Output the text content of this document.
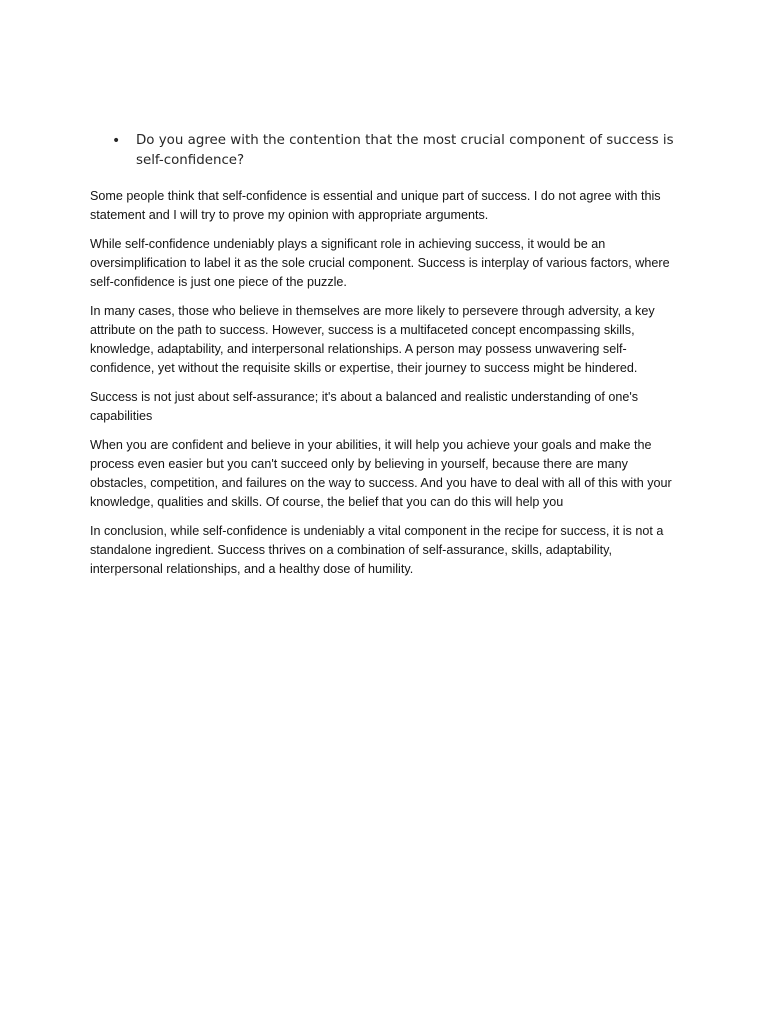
• Do you agree with the contention that the most crucial component of success is self-confidence?

Some people think that self-confidence is essential and unique part of success. I do not agree with this statement and I will try to prove my opinion with appropriate arguments.

While self-confidence undeniably plays a significant role in achieving success, it would be an oversimplification to label it as the sole crucial component. Success is interplay of various factors, where self-confidence is just one piece of the puzzle.

In many cases, those who believe in themselves are more likely to persevere through adversity, a key attribute on the path to success. However, success is a multifaceted concept encompassing skills, knowledge, adaptability, and interpersonal relationships. A person may possess unwavering self-confidence, yet without the requisite skills or expertise, their journey to success might be hindered.

Success is not just about self-assurance; it's about a balanced and realistic understanding of one's capabilities

When you are confident and believe in your abilities, it will help you achieve your goals and make the process even easier but you can't succeed only by believing in yourself, because there are many obstacles, competition, and failures on the way to success. And you have to deal with all of this with your knowledge, qualities and skills. Of course, the belief that you can do this will help you

In conclusion, while self-confidence is undeniably a vital component in the recipe for success, it is not a standalone ingredient. Success thrives on a combination of self-assurance, skills, adaptability, interpersonal relationships, and a healthy dose of humility.
